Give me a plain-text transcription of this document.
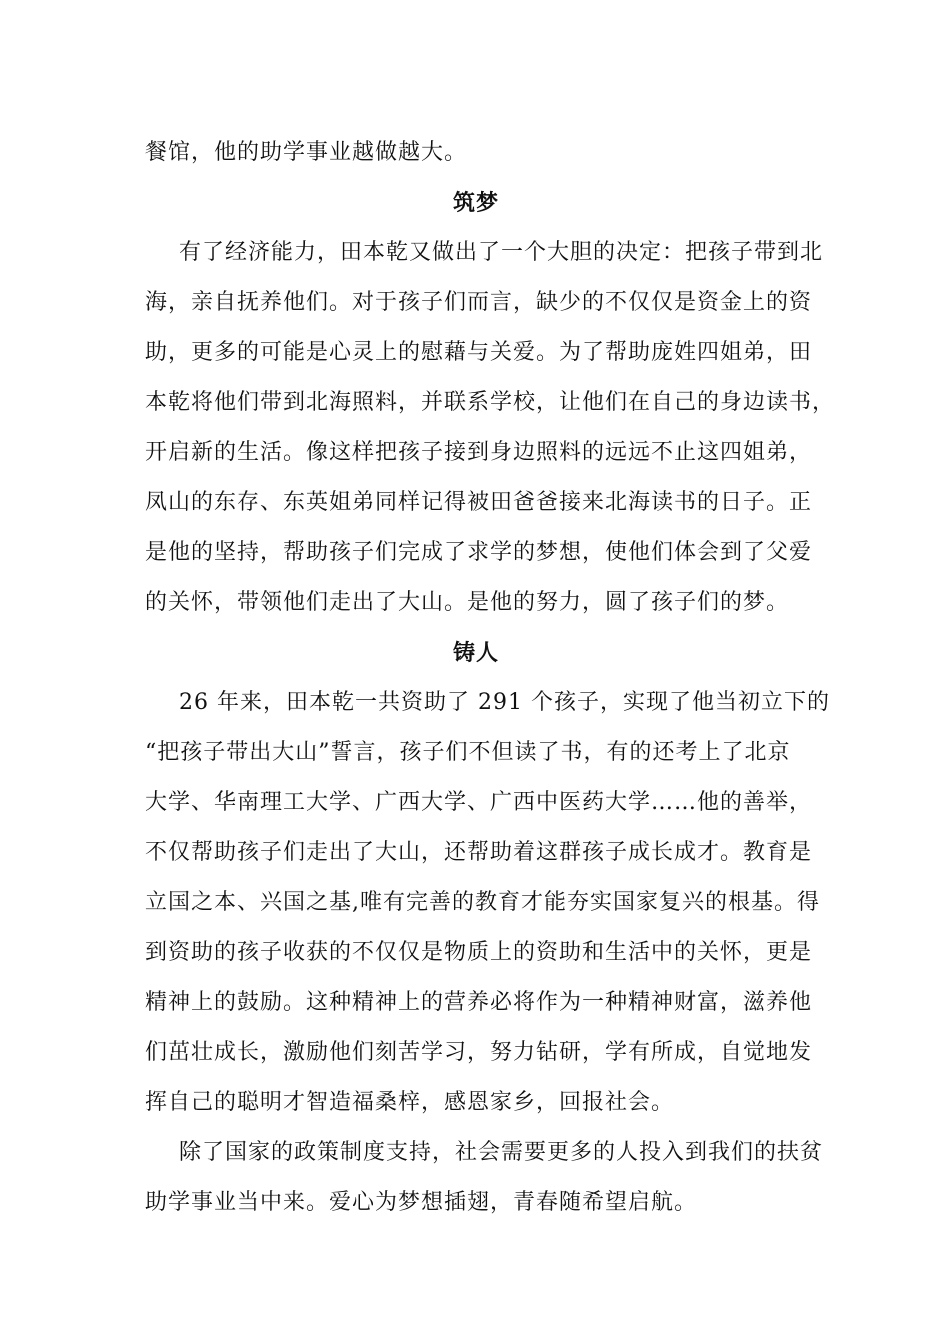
餐馆，他的助学事业越做越大。
筑梦
有了经济能力，田本乾又做出了一个大胆的决定：把孩子带到北
海，亲自抚养他们。对于孩子们而言，缺少的不仅仅是资金上的资
助，更多的可能是心灵上的慰藉与关爱。为了帮助庞姓四姐弟，田
本乾将他们带到北海照料，并联系学校，让他们在自己的身边读书，
开启新的生活。像这样把孩子接到身边照料的远远不止这四姐弟，
凤山的东存、东英姐弟同样记得被田爸爸接来北海读书的日子。正
是他的坚持，帮助孩子们完成了求学的梦想，使他们体会到了父爱
的关怀，带领他们走出了大山。是他的努力，圆了孩子们的梦。
铸人
26 年来，田本乾一共资助了 291 个孩子，实现了他当初立下的
“把孩子带出大山”誓言，孩子们不但读了书，有的还考上了北京
大学、华南理工大学、广西大学、广西中医药大学……他的善举，
不仅帮助孩子们走出了大山，还帮助着这群孩子成长成才。教育是
立国之本、兴国之基,唯有完善的教育才能夯实国家复兴的根基。得
到资助的孩子收获的不仅仅是物质上的资助和生活中的关怀，更是
精神上的鼓励。这种精神上的营养必将作为一种精神财富，滋养他
们茁壮成长，激励他们刻苦学习，努力钻研，学有所成，自觉地发
挥自己的聪明才智造福桑梓，感恩家乡，回报社会。
除了国家的政策制度支持，社会需要更多的人投入到我们的扶贫
助学事业当中来。爱心为梦想插翅，青春随希望启航。
